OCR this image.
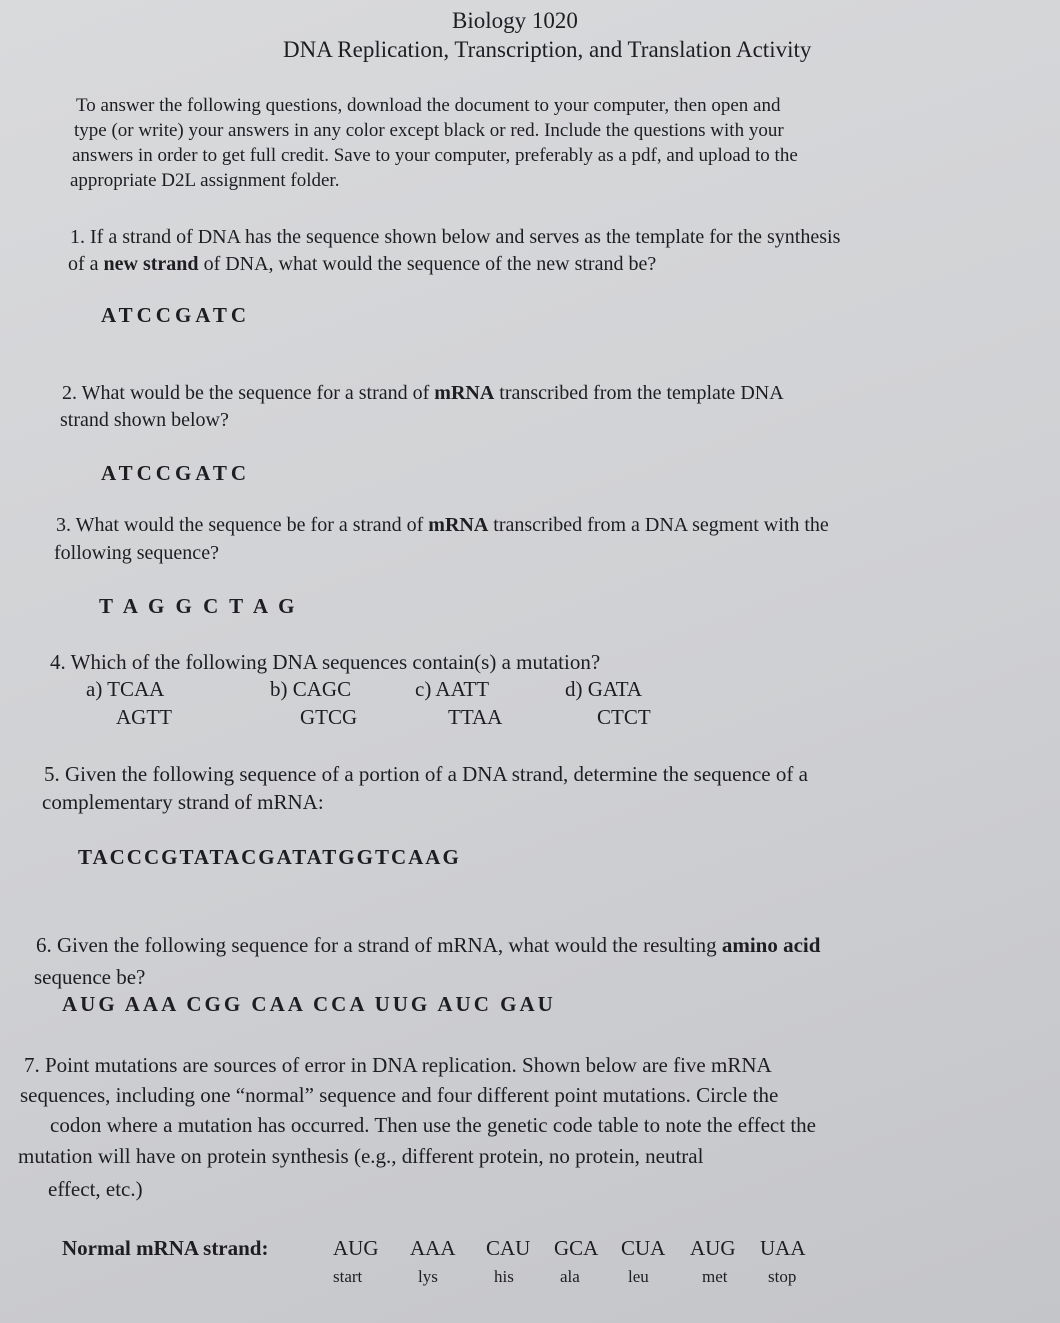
Biology 1020
DNA Replication, Transcription, and Translation Activity
To answer the following questions, download the document to your computer, then open and
type (or write) your answers in any color except black or red. Include the questions with your
answers in order to get full credit. Save to your computer, preferably as a pdf, and upload to the
appropriate D2L assignment folder.
1. If a strand of DNA has the sequence shown below and serves as the template for the synthesis
of a new strand of DNA, what would the sequence of the new strand be?
ATCCGATC
2. What would be the sequence for a strand of mRNA transcribed from the template DNA
strand shown below?
ATCCGATC
3. What would the sequence be for a strand of mRNA transcribed from a DNA segment with the
following sequence?
T A G G C T A G
4. Which of the following DNA sequences contain(s) a mutation?
a) TCAA
AGTT
b) CAGC
GTCG
c) AATT
TTAA
d) GATA
CTCT
5. Given the following sequence of a portion of a DNA strand, determine the sequence of a
complementary strand of mRNA:
TACCCGTATACGATATGGTCAAG
6. Given the following sequence for a strand of mRNA, what would the resulting amino acid
sequence be?
AUG AAA CGG CAA CCA UUG AUC GAU
7. Point mutations are sources of error in DNA replication. Shown below are five mRNA
sequences, including one “normal” sequence and four different point mutations. Circle the
codon where a mutation has occurred. Then use the genetic code table to note the effect the
mutation will have on protein synthesis (e.g., different protein, no protein, neutral
effect, etc.)
Normal mRNA strand:	AUG AAA CAU GCA CUA AUG UAA
start	lys	his	ala	leu	met stop
